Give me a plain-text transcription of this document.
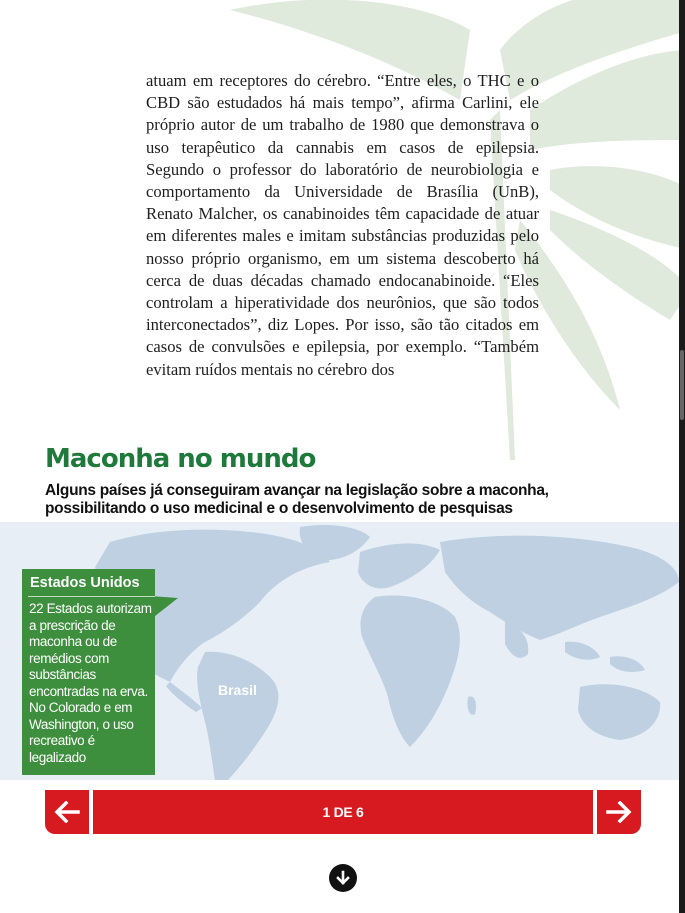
atuam em receptores do cérebro. “Entre eles, o THC e o CBD são estudados há mais tempo”, afirma Carlini, ele próprio autor de um trabalho de 1980 que demonstrava o uso terapêutico da cannabis em casos de epilepsia. Segundo o professor do laboratório de neurobiologia e comportamento da Universidade de Brasília (UnB), Renato Malcher, os canabinoides têm capacidade de atuar em diferentes males e imitam substâncias produzidas pelo nosso próprio organismo, em um sistema descoberto há cerca de duas décadas chamado endocanabinoide. “Eles controlam a hiperatividade dos neurônios, que são todos interconectados”, diz Lopes. Por isso, são tão citados em casos de convulsões e epilepsia, por exemplo. “Também evitam ruídos mentais no cérebro dos

Maconha no mundo

Alguns países já conseguiram avançar na legislação sobre a maconha, possibilitando o uso medicinal e o desenvolvimento de pesquisas

Brasil

Estados Unidos

22 Estados autorizam a prescrição de maconha ou de remédios com substâncias encontradas na erva. No Colorado e em Washington, o uso recreativo é legalizado

1 DE 6
